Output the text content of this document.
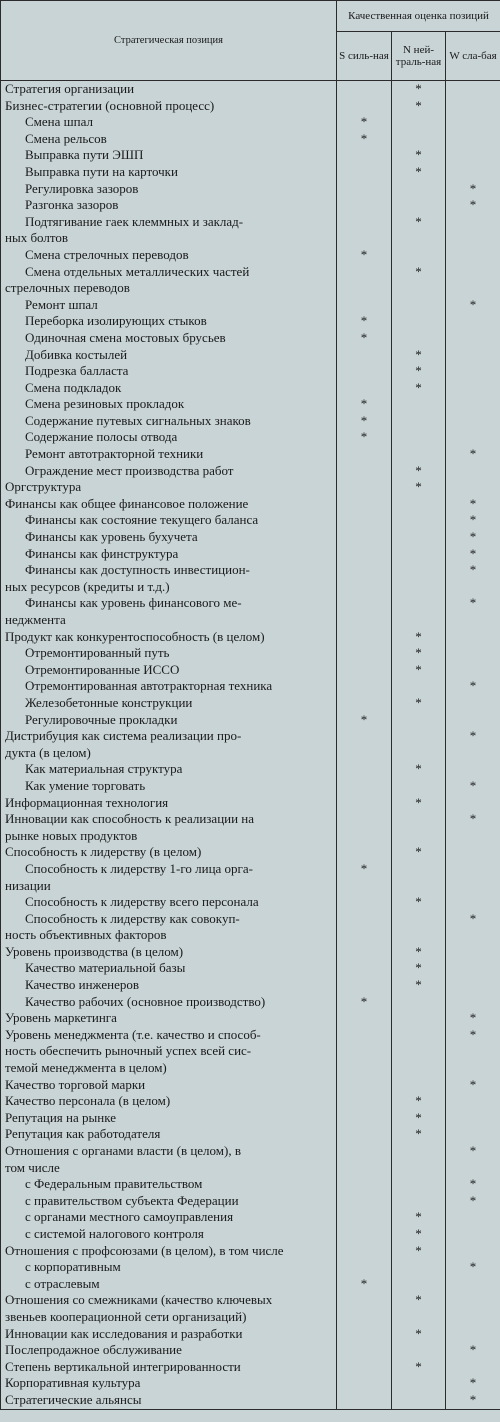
Стратегическая позиция	Качественная оценка позиций		
	S силь-ная	N ней-траль-ная	W сла-бая
Стратегия организации		*	
Бизнес-стратегии (основной процесс)		*	
Смена шпал	*		
Смена рельсов	*		
Выправка пути ЭШП		*	
Выправка пути на карточки		*	
Регулировка зазоров			*
Разгонка зазоров			*
Подтягивание гаек клеммных и заклад-		*	
ных болтов			
Смена стрелочных переводов	*		
Смена отдельных металлических частей		*	
стрелочных переводов			
Ремонт шпал			*
Переборка изолирующих стыков	*		
Одиночная смена мостовых брусьев	*		
Добивка костылей		*	
Подрезка балласта		*	
Смена подкладок		*	
Смена резиновых прокладок	*		
Содержание путевых сигнальных знаков	*		
Содержание полосы отвода	*		
Ремонт автотракторной техники			*
Ограждение мест производства работ		*	
Оргструктура		*	
Финансы как общее финансовое положение			*
Финансы как состояние текущего баланса			*
Финансы как уровень бухучета			*
Финансы как финструктура			*
Финансы как доступность инвестицион-			*
ных ресурсов (кредиты и т.д.)			
Финансы как уровень финансового ме-			*
неджмента			
Продукт как конкурентоспособность (в целом)		*	
Отремонтированный путь		*	
Отремонтированные ИССО		*	
Отремонтированная автотракторная техника			*
Железобетонные конструкции		*	
Регулировочные прокладки	*		
Дистрибуция как система реализации про-			*
дукта (в целом)			
Как материальная структура		*	
Как умение торговать			*
Информационная технология		*	
Инновации как способность к реализации на			*
рынке новых продуктов			
Способность к лидерству (в целом)		*	
Способность к лидерству 1-го лица орга-	*		
низации			
Способность к лидерству всего персонала		*	
Способность к лидерству как совокуп-			*
ность объективных факторов			
Уровень производства (в целом)		*	
Качество материальной базы		*	
Качество инженеров		*	
Качество рабочих (основное производство)	*		
Уровень маркетинга			*
Уровень менеджмента (т.е. качество и способ-			*
ность обеспечить рыночный успех всей сис-			
темой менеджмента в целом)			
Качество торговой марки			*
Качество персонала (в целом)		*	
Репутация на рынке		*	
Репутация как работодателя		*	
Отношения с органами власти (в целом), в			*
том числе			
с Федеральным правительством			*
с правительством субъекта Федерации			*
с органами местного самоуправления		*	
с системой налогового контроля		*	
Отношения с профсоюзами (в целом), в том числе		*	
с корпоративным			*
с отраслевым	*		
Отношения со смежниками (качество ключевых		*	
звеньев кооперационной сети организаций)			
Инновации как исследования и разработки		*	
Послепродажное обслуживание			*
Степень вертикальной интегрированности		*	
Корпоративная культура			*
Стратегические альянсы			*
